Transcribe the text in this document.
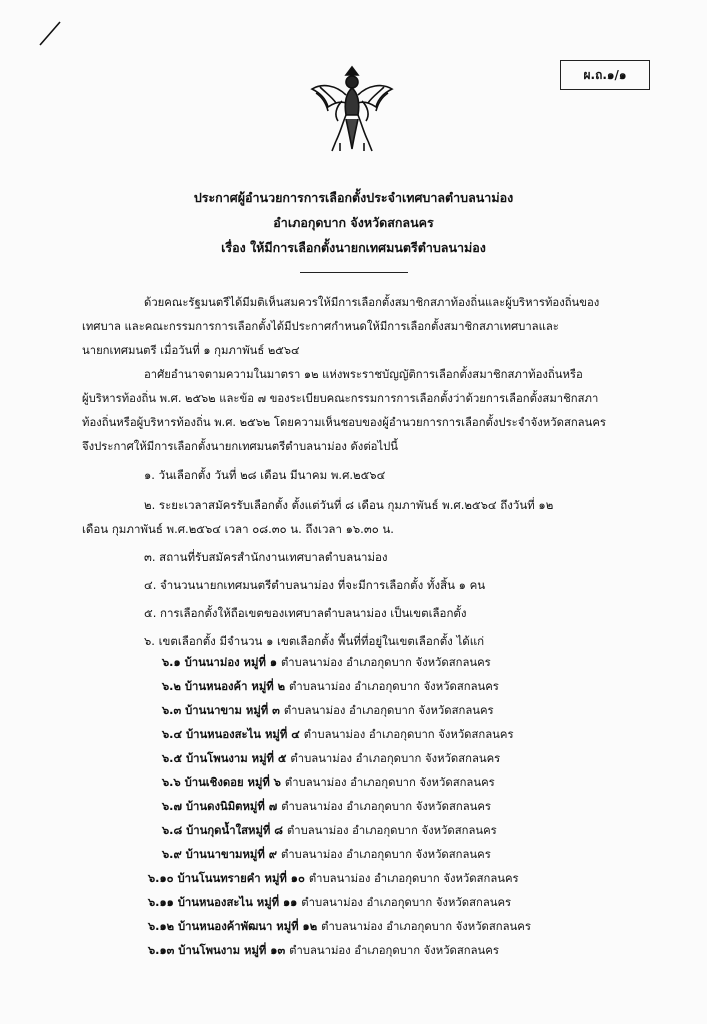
ผ.ถ.๑/๑
ประกาศผู้อำนวยการการเลือกตั้งประจำเทศบาลตำบลนาม่อง
อำเภอกุดบาก จังหวัดสกลนคร
เรื่อง ให้มีการเลือกตั้งนายกเทศมนตรีตำบลนาม่อง
ด้วยคณะรัฐมนตรีได้มีมติเห็นสมควรให้มีการเลือกตั้งสมาชิกสภาท้องถิ่นและผู้บริหารท้องถิ่นของ
เทศบาล และคณะกรรมการการเลือกตั้งได้มีประกาศกำหนดให้มีการเลือกตั้งสมาชิกสภาเทศบาลและ
นายกเทศมนตรี เมื่อวันที่ ๑ กุมภาพันธ์ ๒๕๖๔
อาศัยอำนาจตามความในมาตรา ๑๒ แห่งพระราชบัญญัติการเลือกตั้งสมาชิกสภาท้องถิ่นหรือ
ผู้บริหารท้องถิ่น พ.ศ. ๒๕๖๒ และข้อ ๗ ของระเบียบคณะกรรมการการเลือกตั้งว่าด้วยการเลือกตั้งสมาชิกสภา
ท้องถิ่นหรือผู้บริหารท้องถิ่น พ.ศ. ๒๕๖๒ โดยความเห็นชอบของผู้อำนวยการการเลือกตั้งประจำจังหวัดสกลนคร
จึงประกาศให้มีการเลือกตั้งนายกเทศมนตรีตำบลนาม่อง ดังต่อไปนี้
๑. วันเลือกตั้ง วันที่ ๒๘ เดือน มีนาคม พ.ศ.๒๕๖๔
๒. ระยะเวลาสมัครรับเลือกตั้ง ตั้งแต่วันที่ ๘ เดือน กุมภาพันธ์ พ.ศ.๒๕๖๔ ถึงวันที่ ๑๒
เดือน กุมภาพันธ์ พ.ศ.๒๕๖๔ เวลา ๐๘.๓๐ น. ถึงเวลา ๑๖.๓๐ น.
๓. สถานที่รับสมัครสำนักงานเทศบาลตำบลนาม่อง
๔. จำนวนนายกเทศมนตรีตำบลนาม่อง ที่จะมีการเลือกตั้ง ทั้งสิ้น ๑ คน
๕. การเลือกตั้งให้ถือเขตของเทศบาลตำบลนาม่อง เป็นเขตเลือกตั้ง
๖. เขตเลือกตั้ง มีจำนวน ๑ เขตเลือกตั้ง พื้นที่ที่อยู่ในเขตเลือกตั้ง ได้แก่
๖.๑ บ้านนาม่อง หมู่ที่ ๑ ตำบลนาม่อง อำเภอกุดบาก จังหวัดสกลนคร
๖.๒ บ้านหนองค้า หมู่ที่ ๒ ตำบลนาม่อง อำเภอกุดบาก จังหวัดสกลนคร
๖.๓ บ้านนาขาม หมู่ที่ ๓ ตำบลนาม่อง อำเภอกุดบาก จังหวัดสกลนคร
๖.๔ บ้านหนองสะไน หมู่ที่ ๔ ตำบลนาม่อง อำเภอกุดบาก จังหวัดสกลนคร
๖.๕ บ้านโพนงาม หมู่ที่ ๕ ตำบลนาม่อง อำเภอกุดบาก จังหวัดสกลนคร
๖.๖ บ้านเชิงดอย หมู่ที่ ๖ ตำบลนาม่อง อำเภอกุดบาก จังหวัดสกลนคร
๖.๗ บ้านดงนิมิตหมู่ที่ ๗ ตำบลนาม่อง อำเภอกุดบาก จังหวัดสกลนคร
๖.๘ บ้านกุดน้ำใสหมู่ที่ ๘ ตำบลนาม่อง อำเภอกุดบาก จังหวัดสกลนคร
๖.๙ บ้านนาขามหมู่ที่ ๙ ตำบลนาม่อง อำเภอกุดบาก จังหวัดสกลนคร
๖.๑๐ บ้านโนนทรายคำ หมู่ที่ ๑๐ ตำบลนาม่อง อำเภอกุดบาก จังหวัดสกลนคร
๖.๑๑ บ้านหนองสะไน หมู่ที่ ๑๑ ตำบลนาม่อง อำเภอกุดบาก จังหวัดสกลนคร
๖.๑๒ บ้านหนองค้าพัฒนา หมู่ที่ ๑๒ ตำบลนาม่อง อำเภอกุดบาก จังหวัดสกลนคร
๖.๑๓ บ้านโพนงาม หมู่ที่ ๑๓ ตำบลนาม่อง อำเภอกุดบาก จังหวัดสกลนคร
